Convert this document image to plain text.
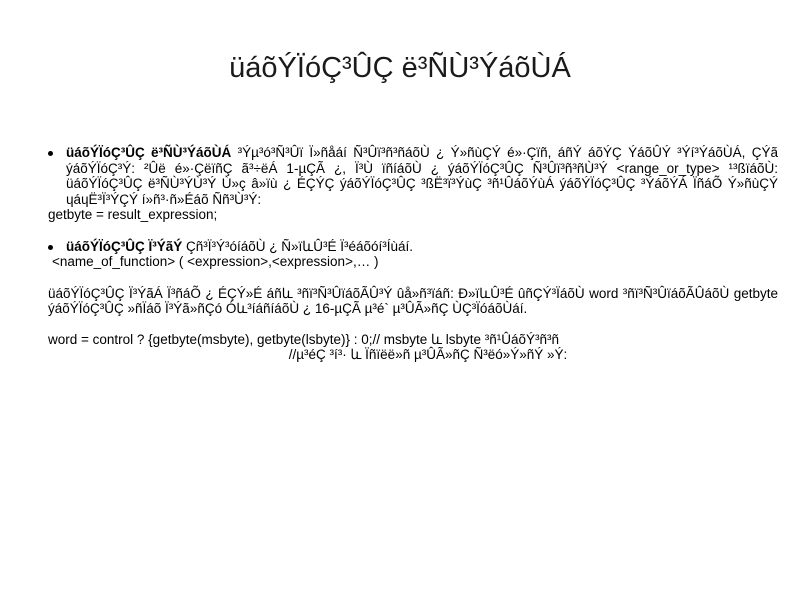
üáõÝÏóÇ³ÛÇ ë³ÑÙ³ÝáõÙÁ
üáõÝÏóÇ³ÛÇ ë³ÑÙ³ÝáõÙÁ ³Ýµ³ó³Ñ³Ûï Ï»ñåáí Ñ³Ûï³ñ³ñáõÙ ¿ Ý»ñùÇÝ é»·Çïñ, áñÝ áõÝÇ ÝáõÛÝ ³Ýí³ÝáõÙÁ, ÇÝã ýáõÝÏóÇ³Ý: ²Ûë é»·ÇëïñÇ ã³÷ëÁ 1-µÇÃ ¿, Ï³Ù ïñíáõÙ ¿ ýáõÝÏóÇ³ÛÇ Ñ³Ûï³ñ³ñÙ³Ý <range_or_type> ¹³ßïáõÙ: üáõÝÏóÇ³ÛÇ ë³ÑÙ³ÝÙ³Ý Ù»ç â»ïù ¿ ÉÇÝÇ ýáõÝÏóÇ³ÛÇ ³ßË³ï³ÝùÇ ³ñ¹ÛáõÝùÁ ýáõÝÏóÇ³ÛÇ ³ÝáõÝÁ ÏñáÕ Ý»ñùÇÝ ɥáɥË³Ï³ÝÇÝ í»ñ³·ñ»Éáõ Ññ³Ù³Ý:

getbyte = result_expression;

üáõÝÏóÇ³ÛÇ Ï³ÝãÝ Çñ³Ï³Ý³óíáõÙ ¿ Ñ»ïևÛ³É Ï³éáõóí³Íùáí.

<name_of_function> ( <expression>,<expression>,… )

üáõÝÏóÇ³ÛÇ Ï³ÝãÁ Ï³ñáÕ ¿ ÉÇÝ»É áñև ³ñï³Ñ³ÛïáõÃÛ³Ý ûå»ñ³ïáñ: Ð»ïևÛ³É ûñÇÝ³ÏáõÙ word ³ñï³Ñ³ÛïáõÃÛáõÙ getbyte ýáõÝÏóÇ³ÛÇ »ñÏáõ Ï³Ýã»ñÇó Óև³íáñíáõÙ ¿ 16-µÇÃ µ³é` µ³ÛÃ»ñÇ ÙÇ³ÏóáõÙáí.

word = control ? {getbyte(msbyte), getbyte(lsbyte)} : 0;// msbyte և lsbyte ³ñ¹ÛáõÝ³ñ³ñ

//µ³éÇ ³í³· և Ïñïëë»ñ µ³ÛÃ»ñÇ Ñ³ëó»Ý»ñÝ »Ý:
